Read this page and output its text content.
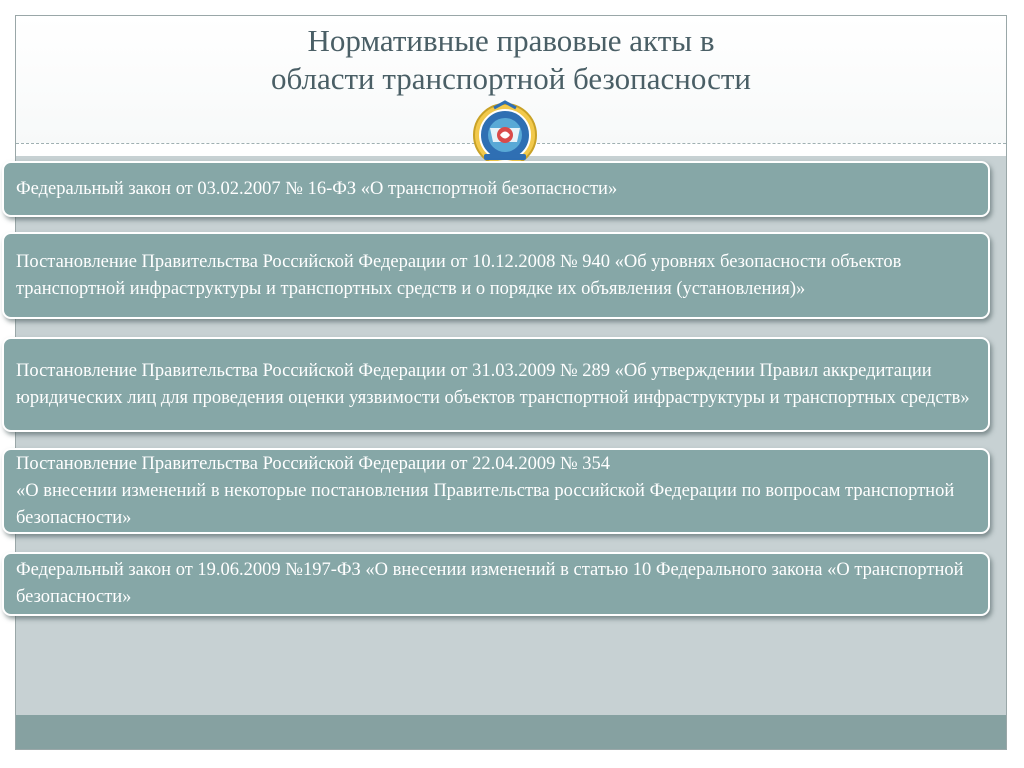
Нормативные правовые акты в
области транспортной безопасности
Федеральный закон от 03.02.2007 № 16-ФЗ «О транспортной безопасности»
Постановление Правительства Российской Федерации от 10.12.2008 № 940 «Об уровнях безопасности объектов транспортной инфраструктуры и транспортных средств и о порядке их объявления (установления)»
Постановление Правительства Российской Федерации от 31.03.2009 № 289 «Об утверждении Правил аккредитации юридических лиц для проведения оценки уязвимости объектов транспортной инфраструктуры и транспортных средств»
Постановление Правительства Российской Федерации от 22.04.2009 № 354
«О внесении изменений в некоторые постановления Правительства российской Федерации по вопросам транспортной безопасности»
Федеральный закон от 19.06.2009 №197-ФЗ «О внесении изменений в статью 10 Федерального закона «О транспортной безопасности»
